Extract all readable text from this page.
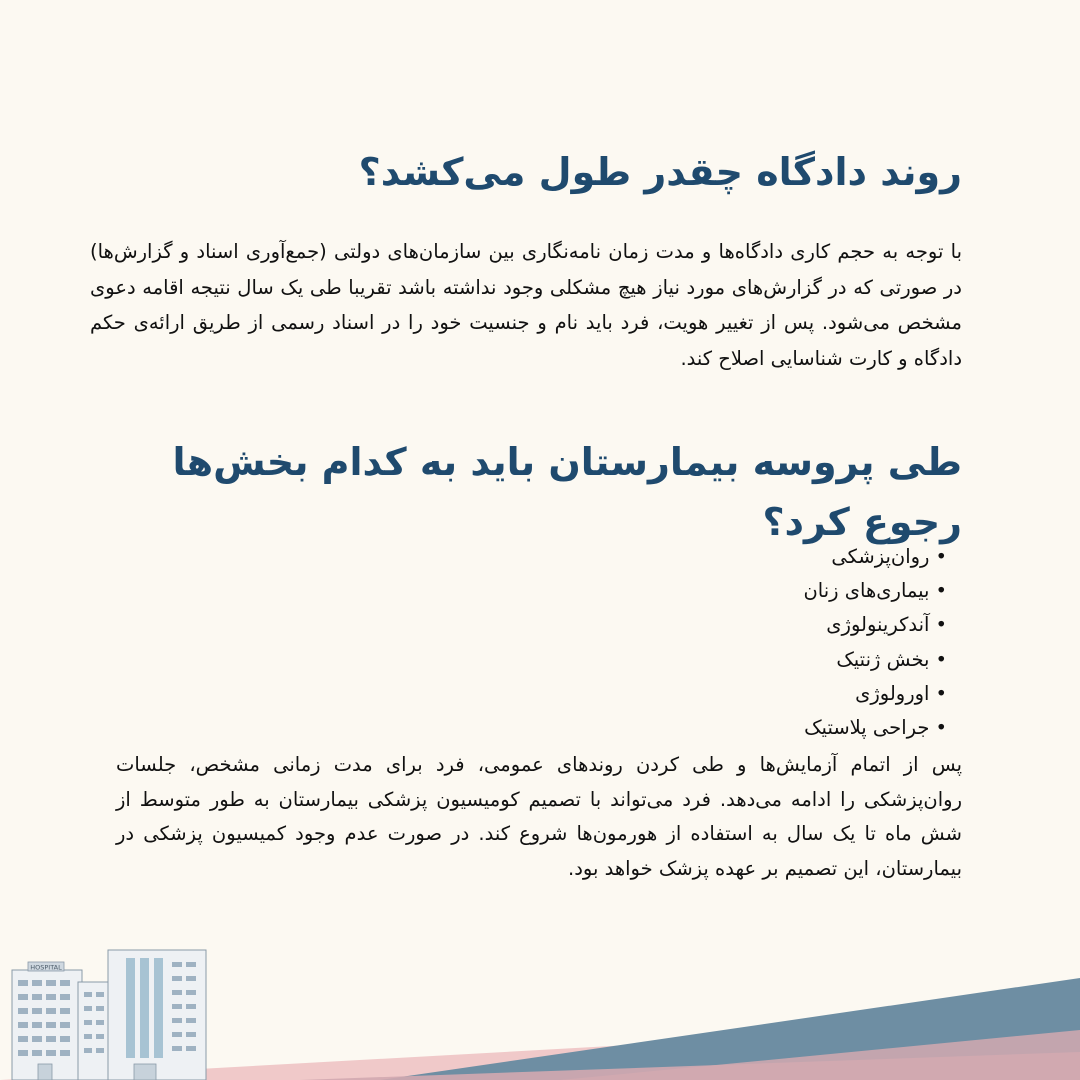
روند دادگاه چقدر طول می‌کشد؟

با توجه به حجم کاری دادگاه‌ها و مدت زمان نامه‌نگاری بین سازمان‌های دولتی (جمع‌آوری اسناد و گزارش‌ها) در صورتی که در گزارش‌های مورد نیاز هیچ مشکلی وجود نداشته باشد تقریبا طی یک سال نتیجه اقامه دعوی مشخص می‌شود. پس از تغییر هویت، فرد باید نام و جنسیت خود را در اسناد رسمی از طریق ارائه‌ی حکم دادگاه و کارت شناسایی اصلاح کند.

طی پروسه بیمارستان باید به کدام بخش‌ها رجوع کرد؟
•روان‌پزشکی
•بیماری‌های زنان
•آندکرینولوژی
•بخش ژنتیک
•اورولوژی
•جراحی پلاستیک

پس از اتمام آزمایش‌ها و طی کردن روندهای عمومی، فرد برای مدت زمانی مشخص، جلسات روان‌پزشکی را ادامه می‌دهد. فرد می‌تواند با تصمیم کومیسیون پزشکی بیمارستان به طور متوسط از شش ماه تا یک سال به استفاده از هورمون‌ها شروع کند. در صورت عدم وجود کمیسیون پزشکی در بیمارستان، این تصمیم بر عهده پزشک خواهد بود.

HOSPITAL
